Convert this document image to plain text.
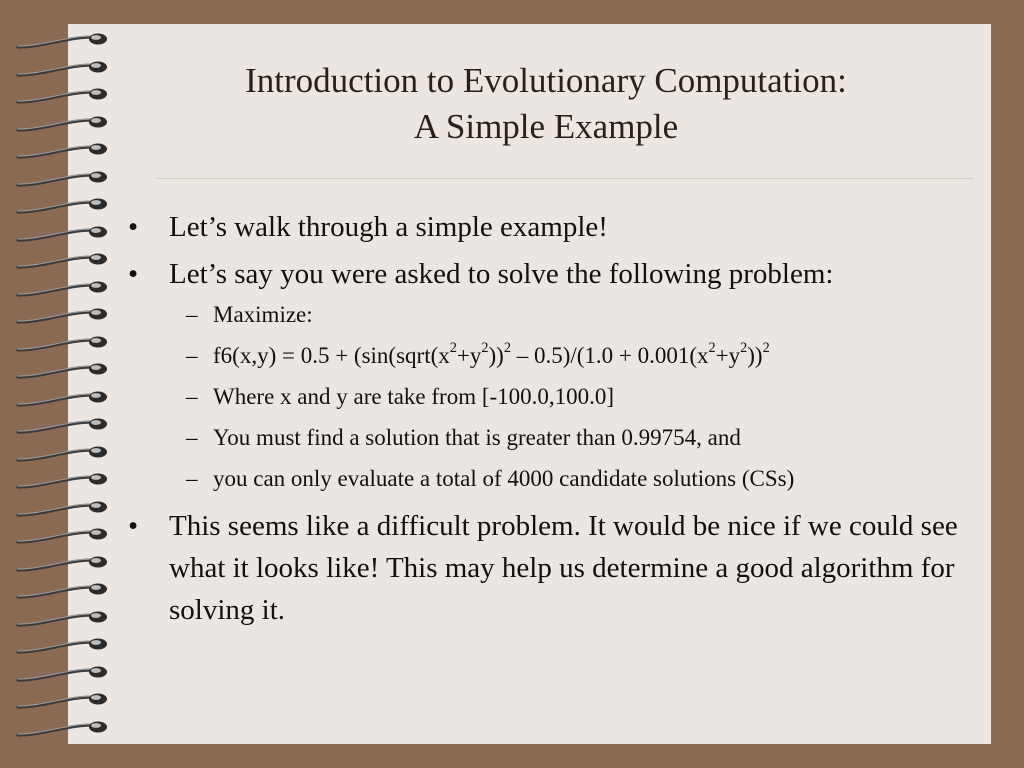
Introduction to Evolutionary Computation:
A Simple Example
• Let’s walk through a simple example!
• Let’s say you were asked to solve the following problem:
– Maximize:
– $f6(x,y) = 0.5 + (\sin(sqrt(x^2+y^2))^2 - 0.5)/(1.0 + 0.001(x^2+y^2))^2$
– Where x and y are take from [-100.0,100.0]
– You must find a solution that is greater than 0.99754, and
– you can only evaluate a total of 4000 candidate solutions (CSs)
• This seems like a difficult problem. It would be nice if we could see what it looks like! This may help us determine a good algorithm for solving it.
